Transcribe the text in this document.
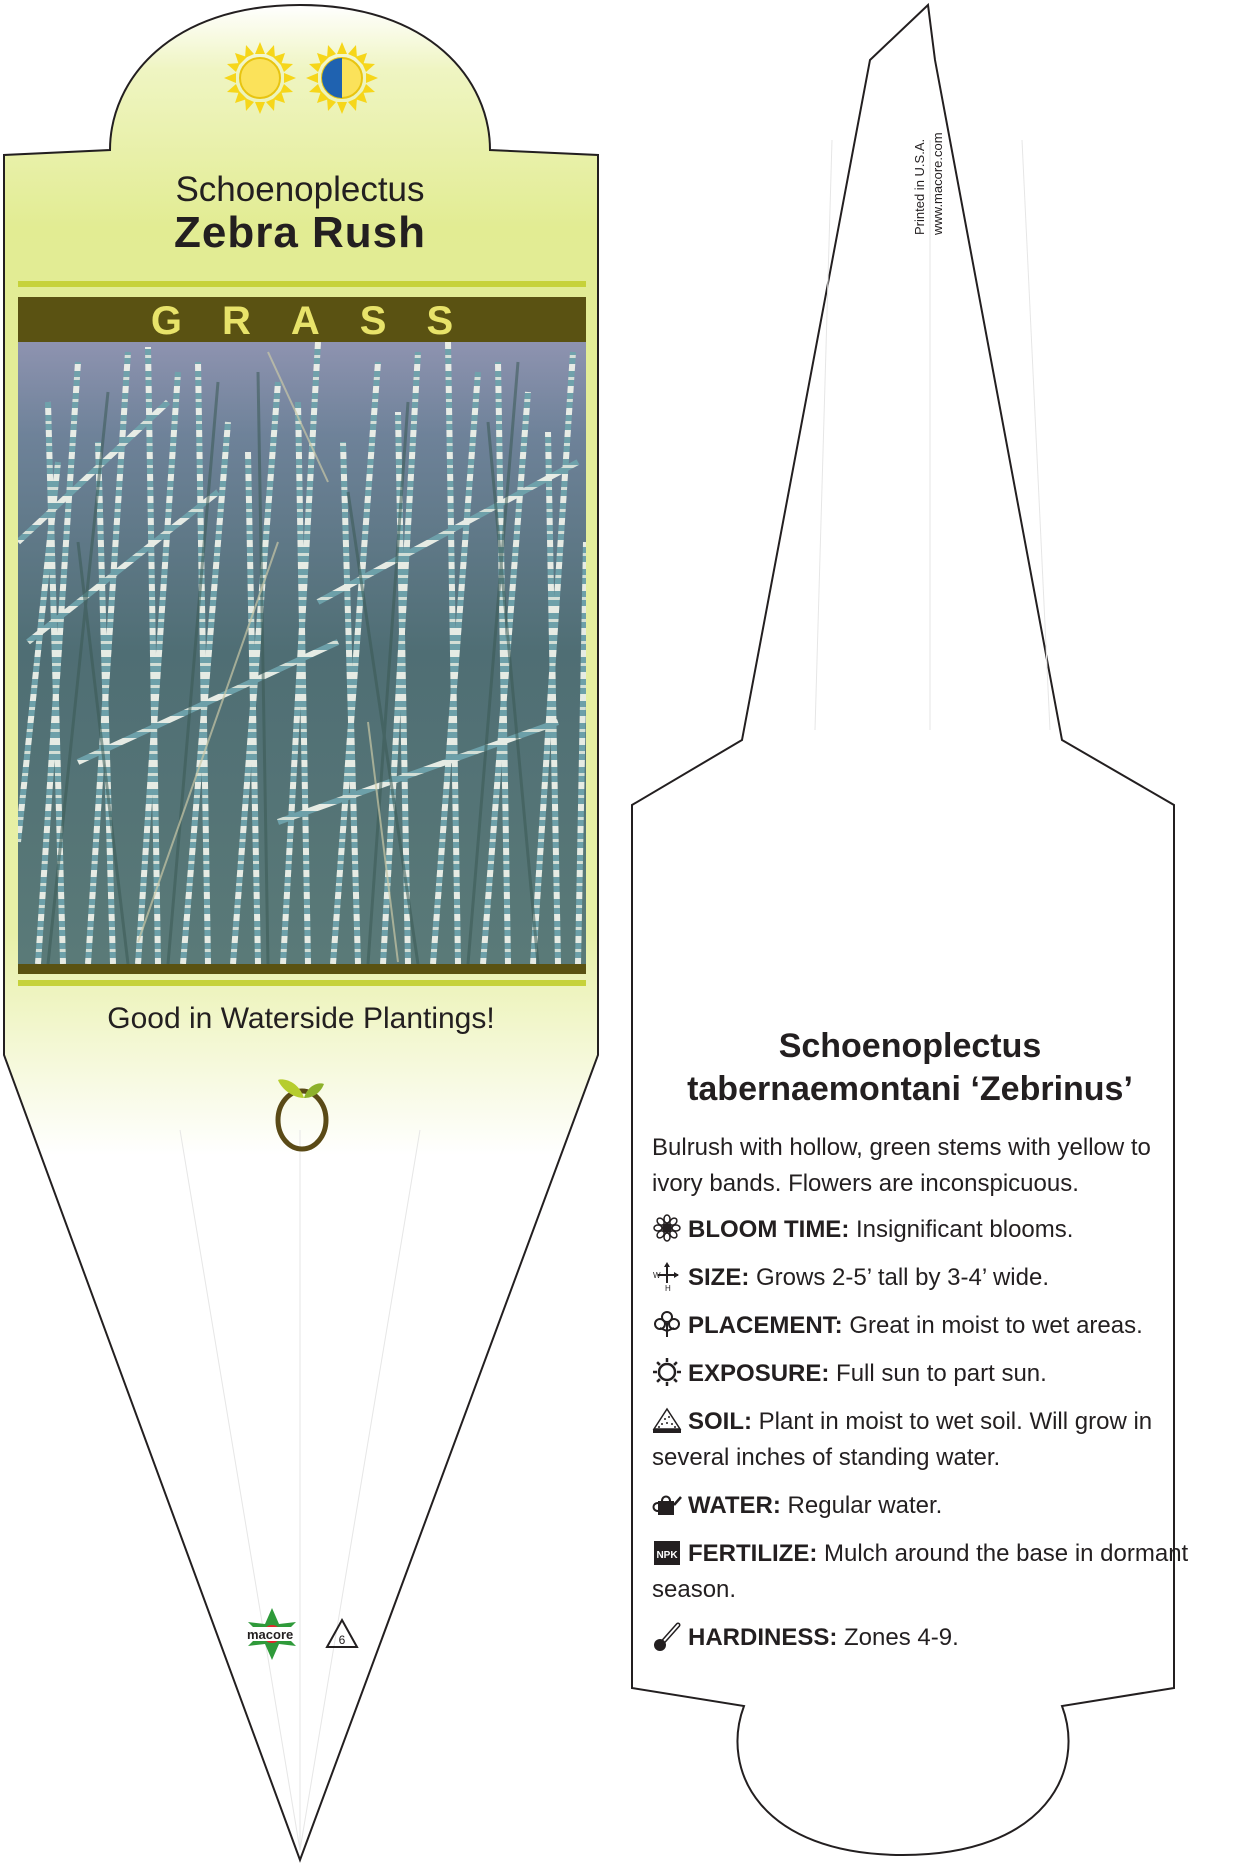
Schoenoplectus
Zebra Rush
GRASS
Good in Waterside Plantings!
macore	6
Printed in U.S.A. www.macore.com
Schoenoplectus
tabernaemontani ‘Zebrinus’

Bulrush with hollow, green stems with yellow to ivory bands. Flowers are inconspicuous.

BLOOM TIME: Insignificant blooms.
W
H SIZE: Grows 2-5’ tall by 3-4’ wide.
PLACEMENT: Great in moist to wet areas.
EXPOSURE: Full sun to part sun.
SOIL: Plant in moist to wet soil. Will grow in several inches of standing water.
WATER: Regular water.
NPK FERTILIZE: Mulch around the base in dormant season.
HARDINESS: Zones 4-9.
